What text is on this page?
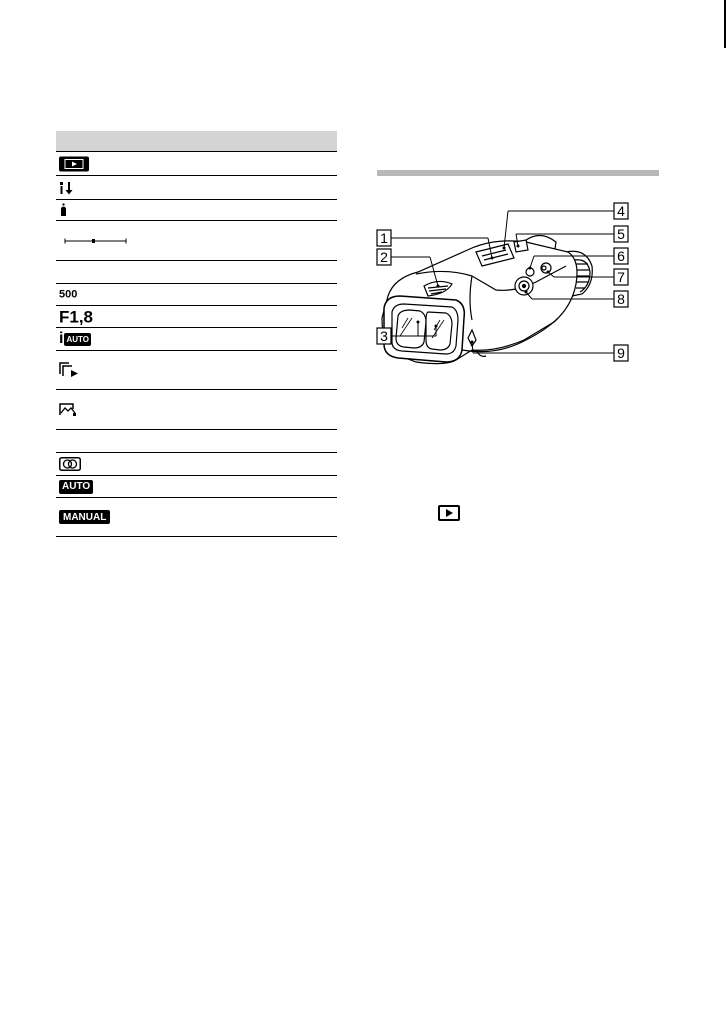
500
F1,8
i AUTO
AUTO
MANUAL
1
2
3
4
5
6
7
8
9
